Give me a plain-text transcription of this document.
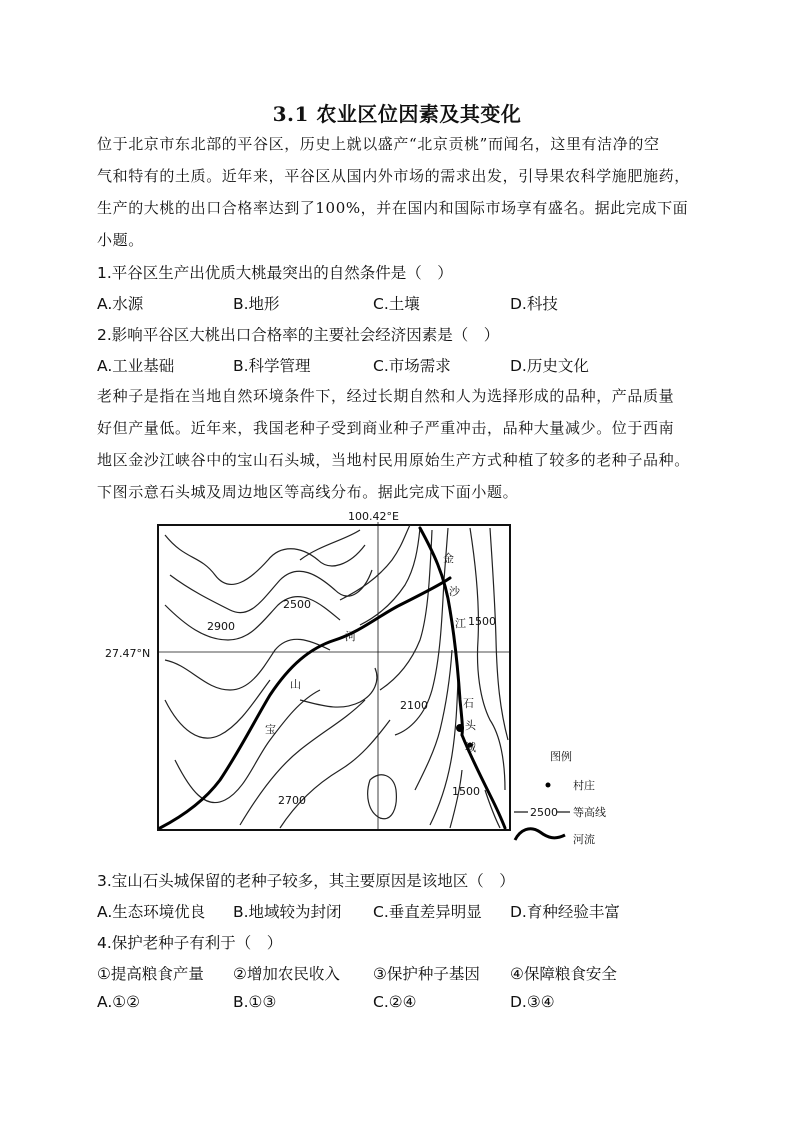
3.1 农业区位因素及其变化
位于北京市东北部的平谷区，历史上就以盛产“北京贡桃”而闻名，这里有洁净的空
气和特有的土质。近年来，平谷区从国内外市场的需求出发，引导果农科学施肥施药，
生产的大桃的出口合格率达到了100%，并在国内和国际市场享有盛名。据此完成下面
小题。
1.平谷区生产出优质大桃最突出的自然条件是（　）
A.水源	B.地形	C.土壤	D.科技
2.影响平谷区大桃出口合格率的主要社会经济因素是（　）
A.工业基础	B.科学管理	C.市场需求	D.历史文化
老种子是指在当地自然环境条件下，经过长期自然和人为选择形成的品种，产品质量
好但产量低。近年来，我国老种子受到商业种子严重冲击，品种大量减少。位于西南
地区金沙江峡谷中的宝山石头城，当地村民用原始生产方式种植了较多的老种子品种。
下图示意石头城及周边地区等高线分布。据此完成下面小题。
100.42°E
27.47°N
2500
2900
2100
1500
2700
1500
金
沙
江
河
山
宝
石
头
城
图例
村庄
2500 等高线
河流
3.宝山石头城保留的老种子较多，其主要原因是该地区（　）
A.生态环境优良 B.地域较为封闭 C.垂直差异明显 D.育种经验丰富
4.保护老种子有利于（　）
①提高粮食产量 ②增加农民收入 ③保护种子基因 ④保障粮食安全
A.①②	B.①③	C.②④	D.③④
